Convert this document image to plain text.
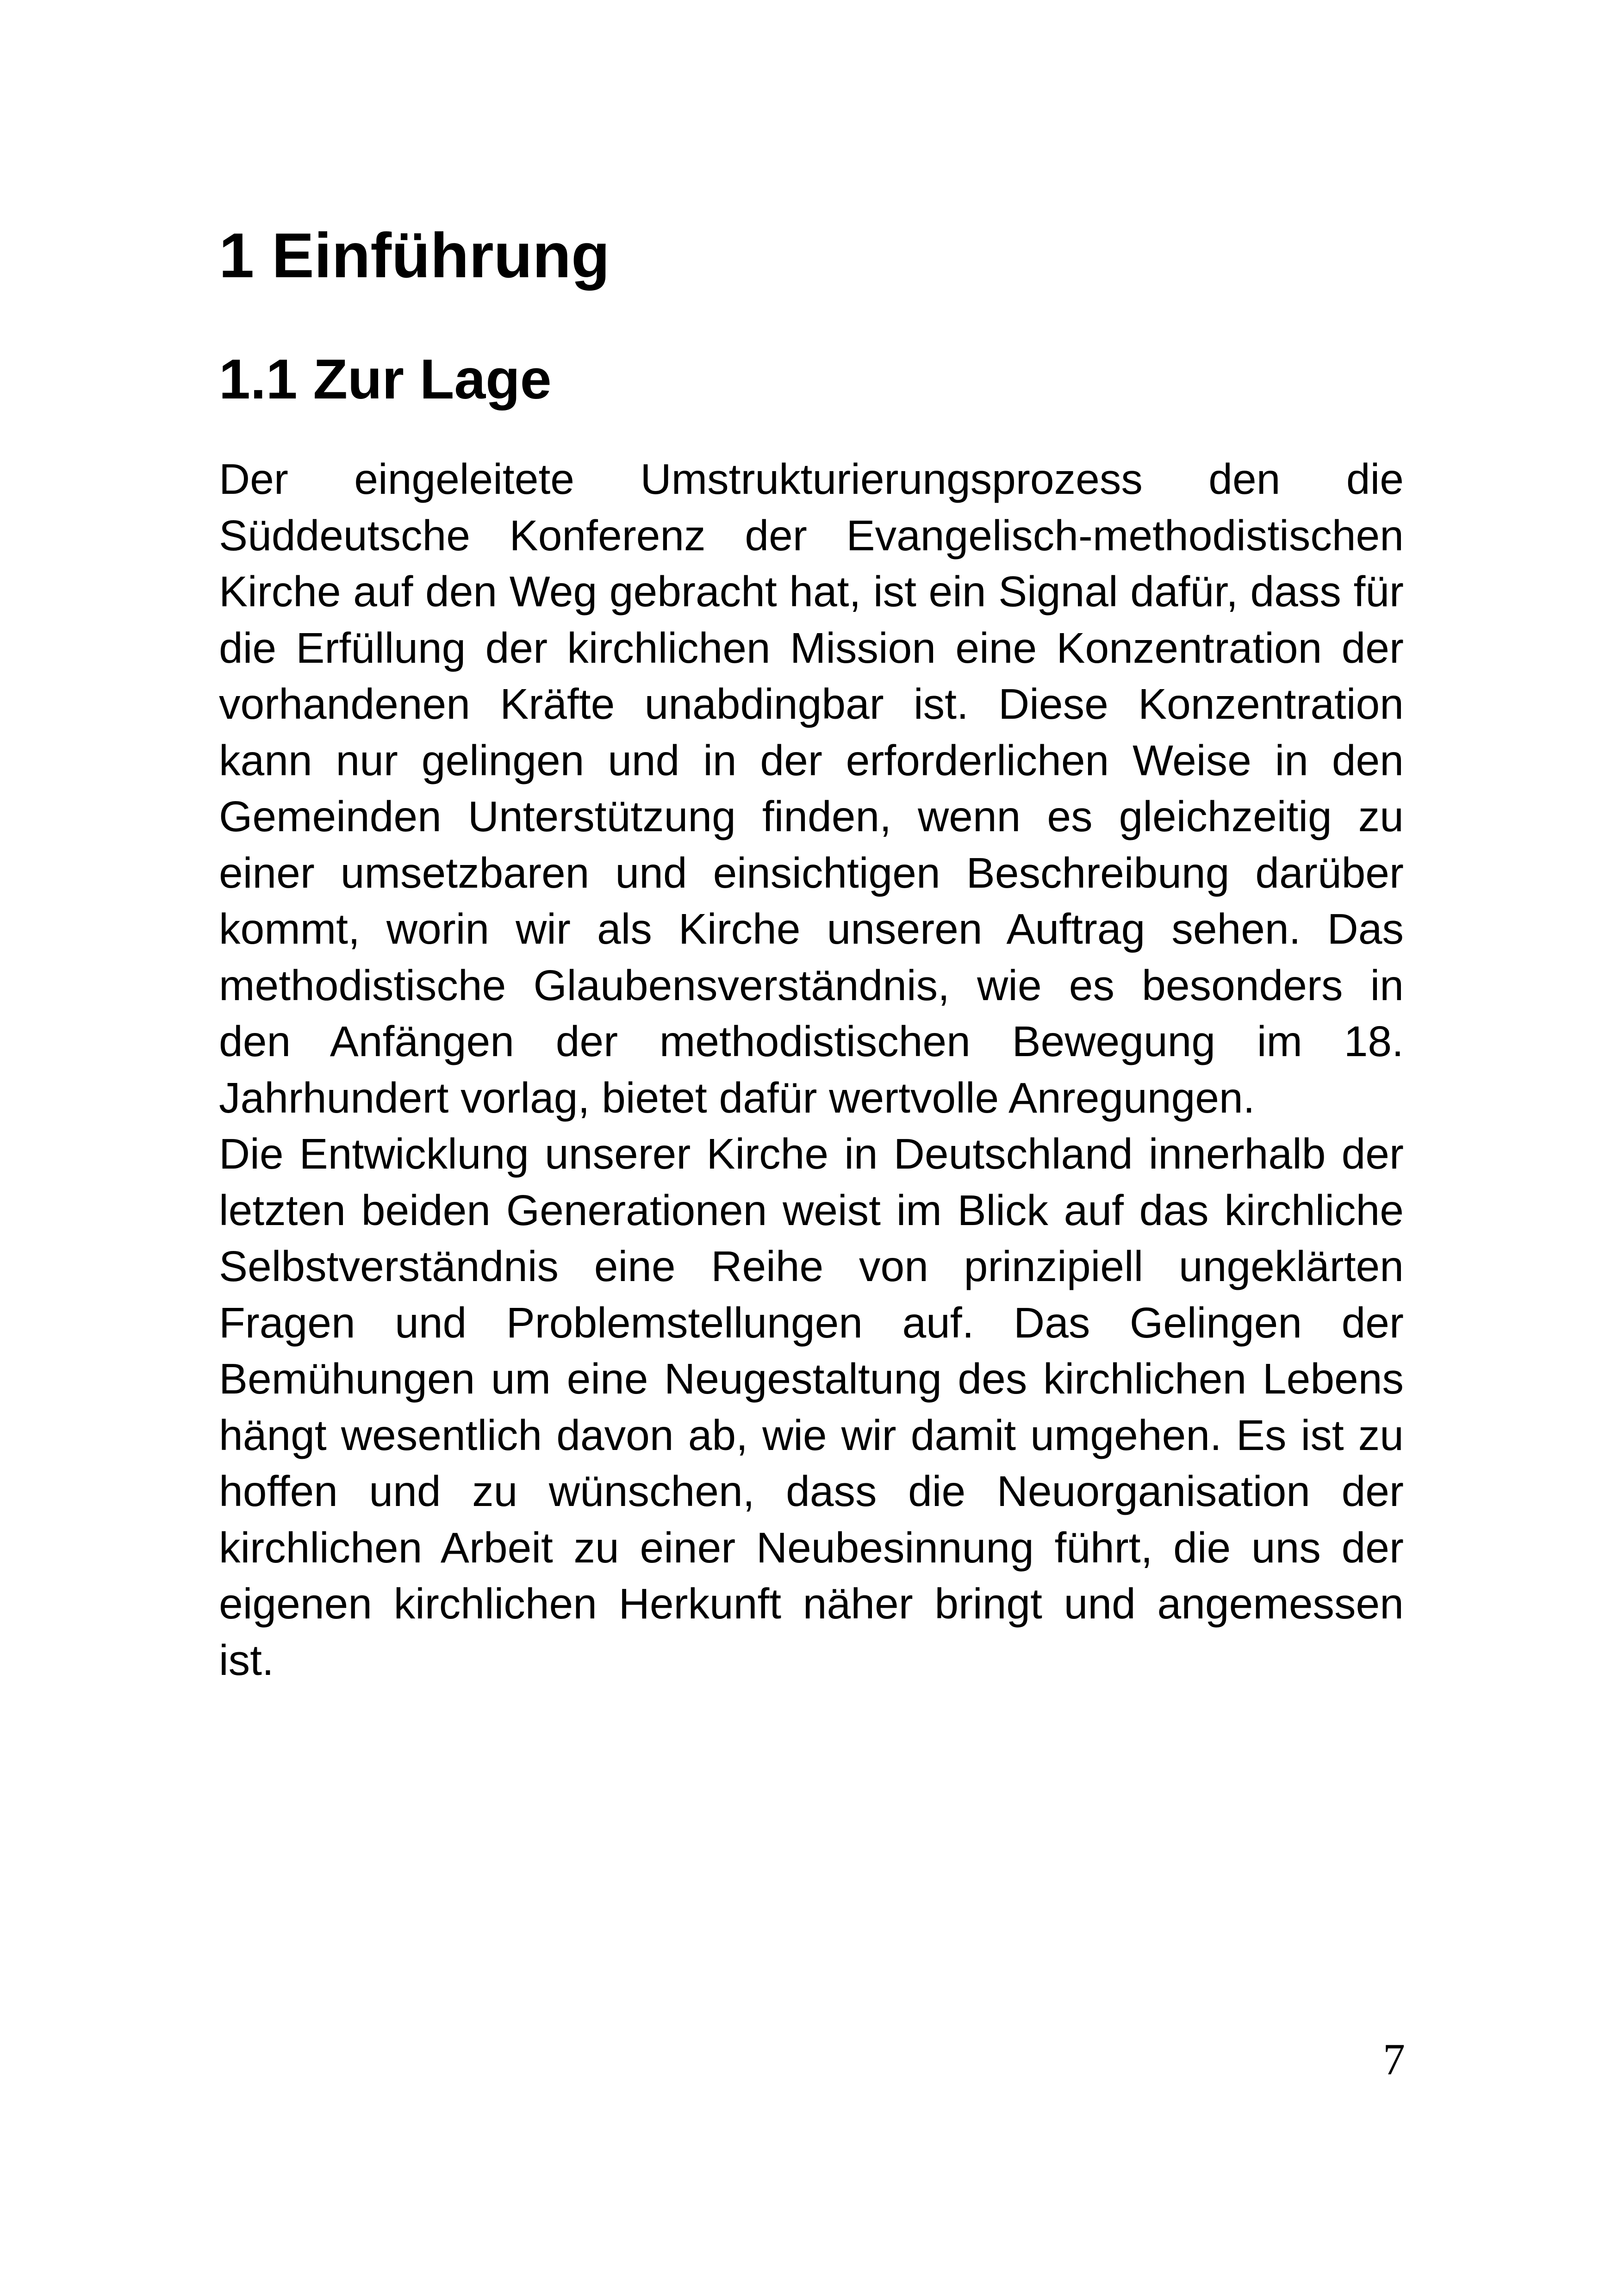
1 Einführung
1.1 Zur Lage

Der eingeleitete Umstrukturierungsprozess den die Süddeutsche Konferenz der Evangelisch-methodistischen Kirche auf den Weg gebracht hat, ist ein Signal dafür, dass für die Erfüllung der kirchlichen Mission eine Konzentration der vorhandenen Kräfte unabdingbar ist. Diese Konzentration kann nur gelingen und in der erforderlichen Weise in den Gemeinden Unterstützung finden, wenn es gleichzeitig zu einer umsetzbaren und einsichtigen Beschreibung darüber kommt, worin wir als Kirche unseren Auftrag sehen. Das methodistische Glaubensverständnis, wie es besonders in den Anfängen der methodistischen Bewegung im 18. Jahrhundert vorlag, bietet dafür wertvolle Anregungen.

Die Entwicklung unserer Kirche in Deutschland innerhalb der letzten beiden Generationen weist im Blick auf das kirchliche Selbstverständnis eine Reihe von prinzipiell ungeklärten Fragen und Problemstellungen auf. Das Gelingen der Bemühungen um eine Neugestaltung des kirchlichen Lebens hängt wesentlich davon ab, wie wir damit umgehen. Es ist zu hoffen und zu wünschen, dass die Neuorganisation der kirchlichen Arbeit zu einer Neubesinnung führt, die uns der eigenen kirchlichen Herkunft näher bringt und angemessen ist.

7
